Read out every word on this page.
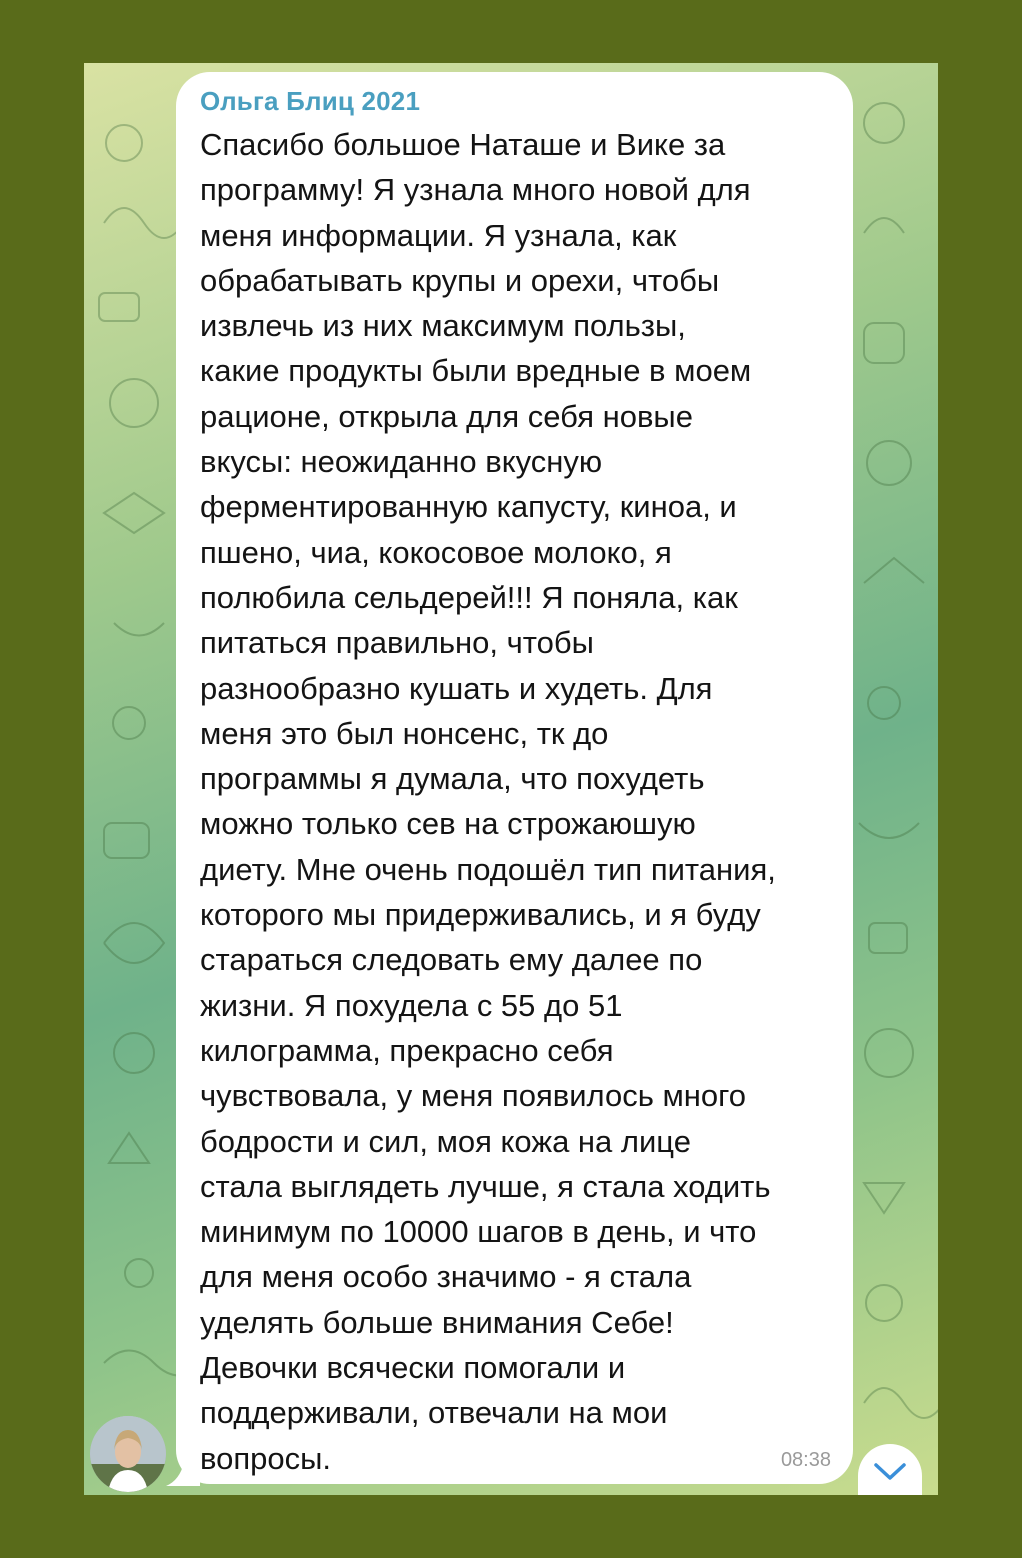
Ольга Блиц 2021

Спасибо большое Наташе и Вике за
программу! Я узнала много новой для
меня информации. Я узнала, как
обрабатывать крупы и орехи, чтобы
извлечь из них максимум пользы,
какие продукты были вредные в моем
рационе, открыла для себя новые
вкусы: неожиданно вкусную
ферментированную капусту, киноа, и
пшено, чиа, кокосовое молоко, я
полюбила сельдерей!!! Я поняла, как
питаться правильно, чтобы
разнообразно кушать и худеть. Для
меня это был нонсенс, тк до
программы я думала, что похудеть
можно только сев на строжаюшую
диету. Мне очень подошёл тип питания,
которого мы придерживались, и я буду
стараться следовать ему далее по
жизни. Я похудела с 55 до 51
килограмма, прекрасно себя
чувствовала, у меня появилось много
бодрости и сил, моя кожа на лице
стала выглядеть лучше, я стала ходить
минимум по 10000 шагов в день, и что
для меня особо значимо - я стала
уделять больше внимания Себе!
Девочки всячески помогали и
поддерживали, отвечали на мои
вопросы.	08:38
